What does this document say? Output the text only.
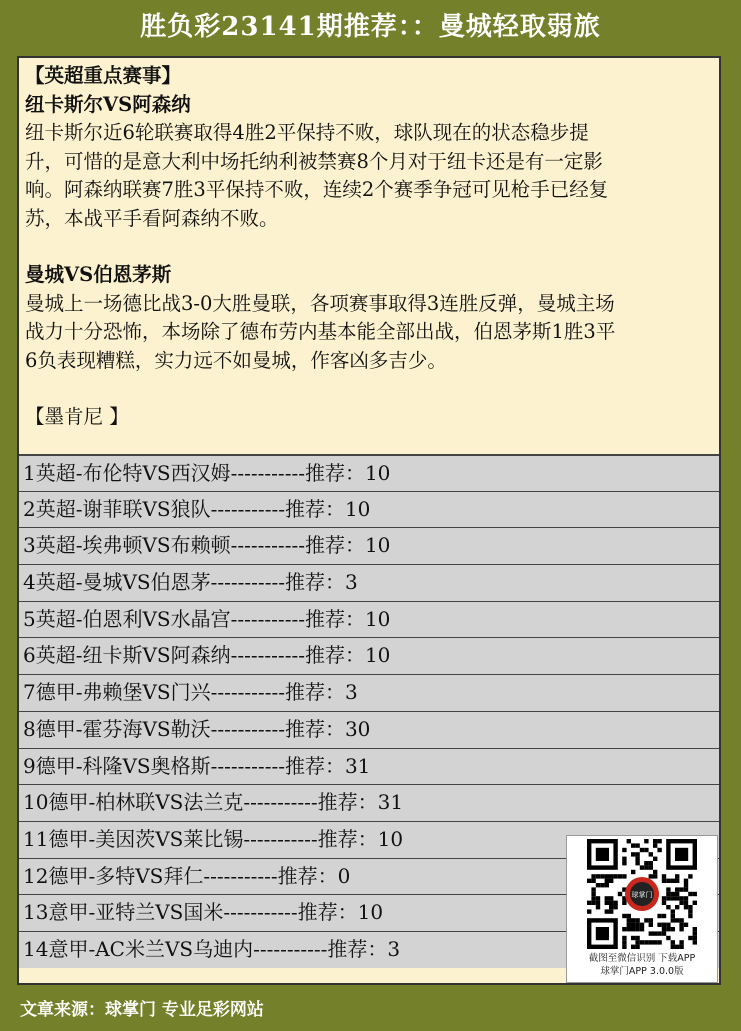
胜负彩23141期推荐：：曼城轻取弱旅
【英超重点赛事】
纽卡斯尔VS阿森纳
纽卡斯尔近6轮联赛取得4胜2平保持不败，球队现在的状态稳步提
升，可惜的是意大利中场托纳利被禁赛8个月对于纽卡还是有一定影
响。阿森纳联赛7胜3平保持不败，连续2个赛季争冠可见枪手已经复
苏，本战平手看阿森纳不败。
曼城VS伯恩茅斯
曼城上一场德比战3-0大胜曼联，各项赛事取得3连胜反弹，曼城主场
战力十分恐怖，本场除了德布劳内基本能全部出战，伯恩茅斯1胜3平
6负表现糟糕，实力远不如曼城，作客凶多吉少。
【墨肯尼 】
1英超-布伦特VS西汉姆-----------推荐：10
2英超-谢菲联VS狼队-----------推荐：10
3英超-埃弗顿VS布赖顿-----------推荐：10
4英超-曼城VS伯恩茅-----------推荐：3
5英超-伯恩利VS水晶宫-----------推荐：10
6英超-纽卡斯VS阿森纳-----------推荐：10
7德甲-弗赖堡VS门兴-----------推荐：3
8德甲-霍芬海VS勒沃-----------推荐：30
9德甲-科隆VS奥格斯-----------推荐：31
10德甲-柏林联VS法兰克-----------推荐：31
11德甲-美因茨VS莱比锡-----------推荐：10
12德甲-多特VS拜仁-----------推荐：0
13意甲-亚特兰VS国米-----------推荐：10
14意甲-AC米兰VS乌迪内-----------推荐：3
球掌门
截图至微信识别 下载APP
球掌门APP 3.0.0版
文章来源：球掌门 专业足彩网站
